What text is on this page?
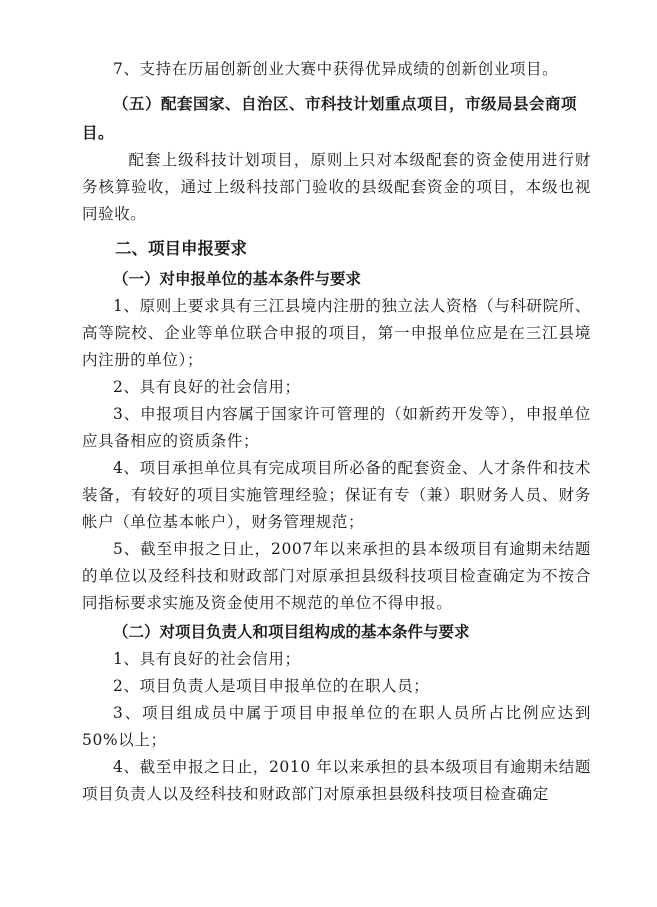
7、支持在历届创新创业大赛中获得优异成绩的创新创业项目。

（五）配套国家、自治区、市科技计划重点项目，市级局县会商项目。

配套上级科技计划项目，原则上只对本级配套的资金使用进行财务核算验收，通过上级科技部门验收的县级配套资金的项目，本级也视同验收。

二、项目申报要求

（一）对申报单位的基本条件与要求

1、原则上要求具有三江县境内注册的独立法人资格（与科研院所、高等院校、企业等单位联合申报的项目，第一申报单位应是在三江县境内注册的单位）；

2、具有良好的社会信用；

3、申报项目内容属于国家许可管理的（如新药开发等），申报单位应具备相应的资质条件；

4、项目承担单位具有完成项目所必备的配套资金、人才条件和技术装备，有较好的项目实施管理经验；保证有专（兼）职财务人员、财务帐户（单位基本帐户），财务管理规范；

5、截至申报之日止，2007年以来承担的县本级项目有逾期未结题的单位以及经科技和财政部门对原承担县级科技项目检查确定为不按合同指标要求实施及资金使用不规范的单位不得申报。

（二）对项目负责人和项目组构成的基本条件与要求

1、具有良好的社会信用；

2、项目负责人是项目申报单位的在职人员；

3、项目组成员中属于项目申报单位的在职人员所占比例应达到50%以上；

4、截至申报之日止，2010 年以来承担的县本级项目有逾期未结题项目负责人以及经科技和财政部门对原承担县级科技项目检查确定
